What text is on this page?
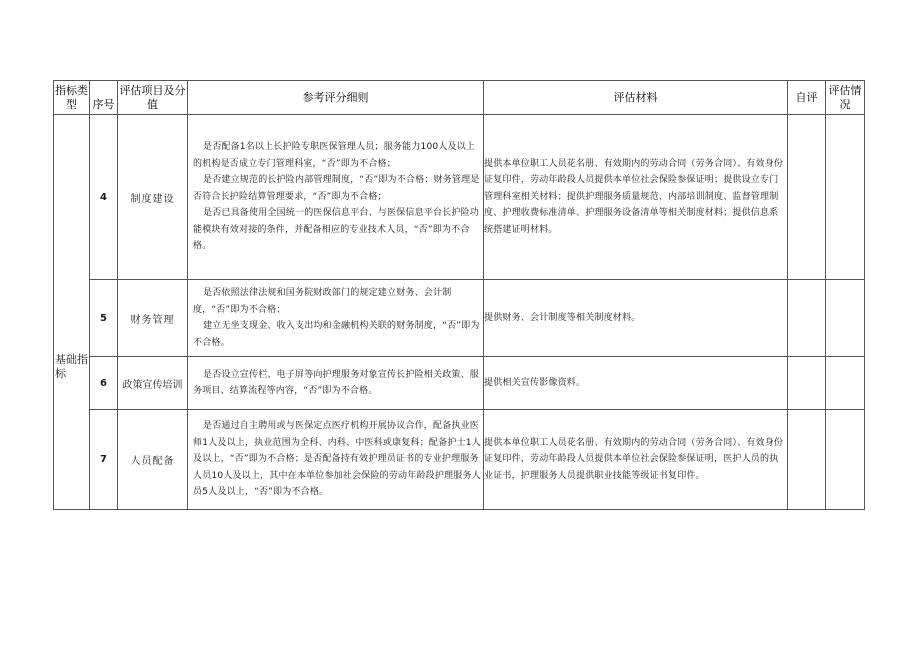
指标类型	序号	评估项目及分值	参考评分细则	评估材料	自评	评估情况
基础指标	4	制度建设	是否配备1名以上长护险专职医保管理人员；服务能力100人及以上的机构是否成立专门管理科室，“否”即为不合格；
是否建立规范的长护险内部管理制度，“否”即为不合格；财务管理是否符合长护险结算管理要求，“否”即为不合格；
是否已具备使用全国统一的医保信息平台、与医保信息平台长护险功能模块有效对接的条件，并配备相应的专业技术人员，“否”即为不合格。	提供本单位职工人员花名册、有效期内的劳动合同（劳务合同）、有效身份证复印件，劳动年龄段人员提供本单位社会保险参保证明；提供设立专门管理科室相关材料；提供护理服务质量规范、内部培训制度、监督管理制度、护理收费标准清单、护理服务设备清单等相关制度材料；提供信息系统搭建证明材料。		

	5	财务管理	是否依照法律法规和国务院财政部门的规定建立财务、会计制度，“否”即为不合格；
建立无坐支现金、收入支出均和金融机构关联的财务制度，“否”即为不合格。	提供财务、会计制度等相关制度材料。		

	6	政策宣传培训	是否设立宣传栏、电子屏等向护理服务对象宣传长护险相关政策、服务项目、结算流程等内容，“否”即为不合格。	提供相关宣传影像资料。		

	7	人员配备	是否通过自主聘用或与医保定点医疗机构开展协议合作，配备执业医师1人及以上，执业范围为全科、内科、中医科或康复科；配备护士1人及以上，“否”即为不合格；是否配备持有效护理员证书的专业护理服务人员10人及以上，其中在本单位参加社会保险的劳动年龄段护理服务人员5人及以上，“否”即为不合格。	提供本单位职工人员花名册、有效期内的劳动合同（劳务合同）、有效身份证复印件，劳动年龄段人员提供本单位社会保险参保证明，医护人员的执业证书，护理服务人员提供职业技能等级证书复印件。		
